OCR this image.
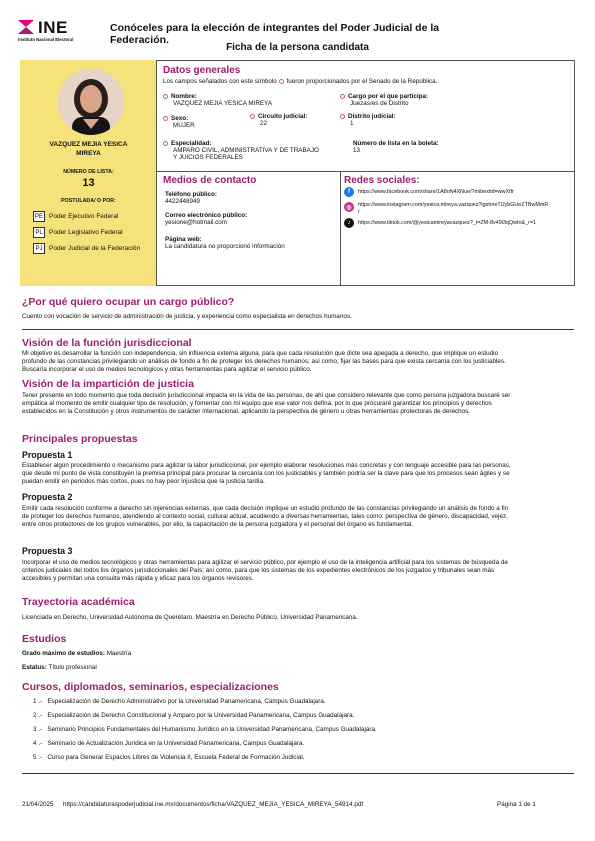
INE
Instituto Nacional Electoral
Conóceles para la elección de integrantes del Poder Judicial de la Federación.
Ficha de la persona candidata
VAZQUEZ MEJIA YESICA
MIREYA
NÚMERO DE LISTA:
13
POSTULADA/ O POR:
PE Poder Ejecutivo Federal
PL Poder Legislativo Federal
PJ	Poder Judicial de la Federación
Datos generales
Los campos señalados con este símbolo fueron proporcionados por el Senado de la República.
Nombre:
VAZQUEZ MEJIA YESICA MIREYA
Cargo por el que participa:
Juezas/es de Distrito
Sexo:
MUJER
Circuito judicial:
22
Distrito judicial:
1
Especialidad:
AMPARO CIVIL, ADMINISTRATIVA Y DE TRABAJO
Y JUICIOS FEDERALES
Número de lista en la boleta:
13
Medios de contacto
Teléfono público:
4422448949
Correo electrónico público:
yesione@hotmail.com
Página web:
La candidatura no proporcionó información
Redes sociales:
f	https://www.facebook.com/share/1A8oN4XNue/?mibextid=wwXIfr
◎	https://www.instagram.com/yesica.mireya.vazquez?igshneTUybGUeZTBwMmR
r
♪	https://www.tiktok.com/@yesicamireyavazquez?_t=ZM-8v49i3qQwIn&_r=1
¿Por qué quiero ocupar un cargo público?
Cuento con vocación de servicio de administración de justicia, y experiencia como especialista en derechos humanos.
Visión de la función jurisdiccional
Mi objetivo es desarrollar la función con independencia, sin influencia externa alguna, para que cada resolución que dicte sea apegada a derecho, que implique un estudio
profundo de las constancias privilegiando un análisis de fondo a fin de proteger los derechos humanos; así como, fijar las bases para que exista cercanía con los justiciables.
Buscaría incorporar el uso de medios tecnológicos y otras herramientas para agilizar el servicio público.
Visión de la impartición de justicia
Tener presente en todo momento que toda decisión jurisdiccional impacta en la vida de las personas, de ahí que considero relevante que como persona juzgadora buscaré ser
empática al momento de emitir cualquier tipo de resolución, y fomentar con mi equipo que ese valor nos defina, por lo que procuraré garantizar los principios y derechos
establecidos en la Constitución y otros instrumentos de carácter internacional, aplicando la perspectiva de género u otras herramientas protectoras de derechos.
Principales propuestas
Propuesta 1
Establecer algún procedimiento o mecanismo para agilizar la labor jurisdiccional, por ejemplo elaborar resoluciones más concretas y con lenguaje accesible para las personas,
que desde mi punto de vista constituyen la premisa principal para procurar la cercanía con los justiciables y también podría ser la clave para que los procesos sean ágiles y se
puedan emitir en periodos más cortos, pues no hay peor injusticia que la justicia tardía.
Propuesta 2
Emitir cada resolución conforme a derecho sin injerencias externas, que cada decisión implique un estudio profundo de las constancias privilegiando un análisis de fondo a fin
de proteger los derechos humanos, atendiendo al contexto social, cultural actual, acudiendo a diversas herramientas, tales como: perspectiva de género, discapacidad, vejez,
entre otros protectores de los grupos vulnerables, por ello, la capacitación de la persona juzgadora y el personal del órgano es fundamental.
Propuesta 3
Incorporar el uso de medios tecnológicos y otras herramientas para agilizar el servicio público, por ejemplo el uso de la inteligencia artificial para los sistemas de búsqueda de
criterios judiciales del todos los órganos jurisdiccionales del País; así como, para que los sistemas de los expedientes electrónicos de los juzgados y tribunales sean más
accesibles y permitan una consulta más rápida y eficaz para los órganos revisores.
Trayectoria académica
Licenciada en Derecho, Universidad Autónoma de Querétaro. Maestría en Derecho Público, Universidad Panamericana.
Estudios
Grado máximo de estudios: Maestría
Estatus: Título profesional
Cursos, diplomados, seminarios, especializaciones
1 .- Especialización de Derecho Administrativo por la Universidad Panamericana, Campus Guadalajara.
2 .- Especialización de Derecho Constitucional y Amparo por la Universidad Panamericana, Campus Guadalajara.
3 .- Seminario Principios Fundamentales del Humanismo Jurídico en la Universidad Panamericana, Campus Guadalajara.
4 .- Seminario de Actualización Jurídica en la Universidad Panamericana, Campus Guadalajara.
5 .- Curso para Generar Espacios Libres de Violencia II, Escuela Federal de Formación Judicial.
21/04/2025 https://candidaturaspoderjudicial.ine.mx/documentos/ficha/VAZQUEZ_MEJIA_YESICA_MIREYA_54914.pdf	Página 1 de 1
